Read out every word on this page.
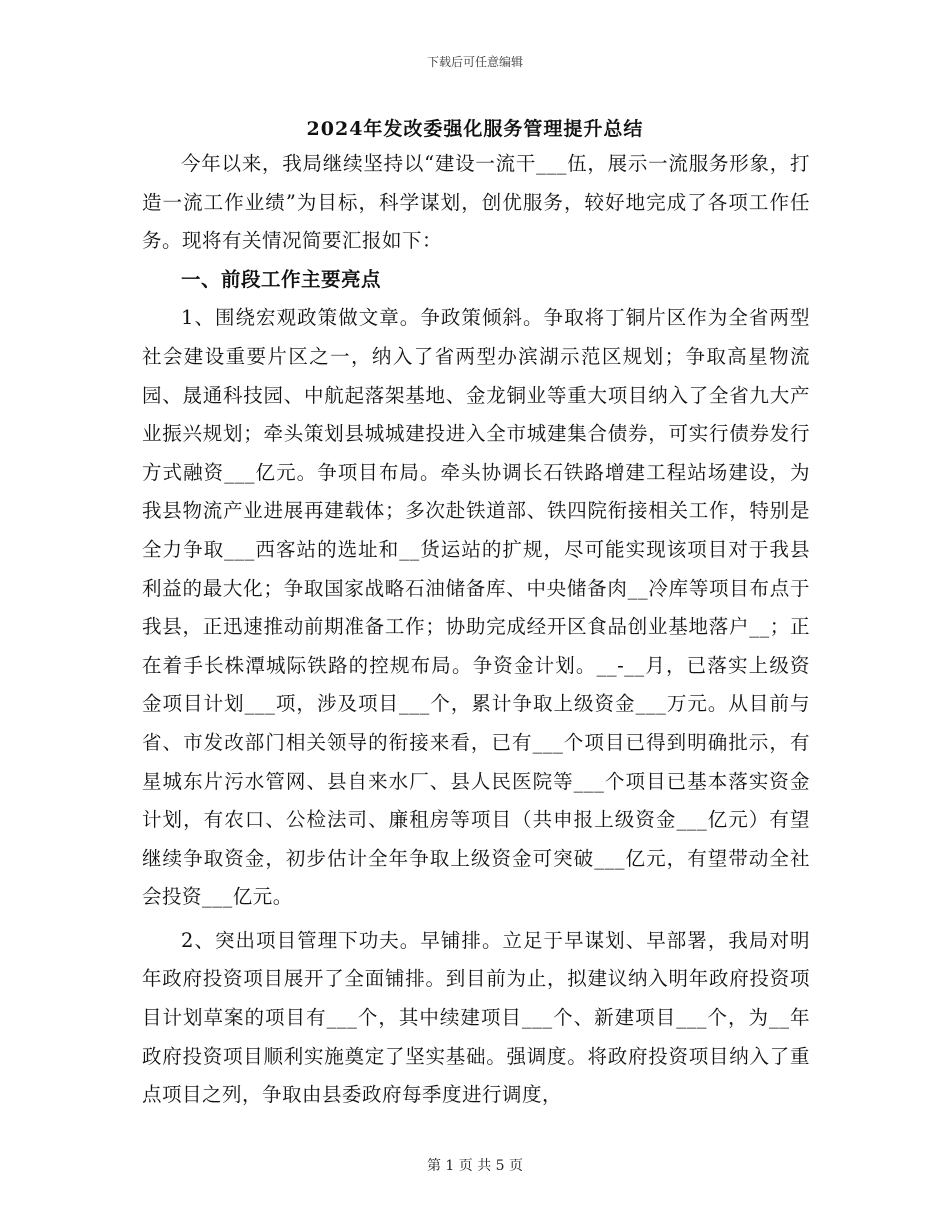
下载后可任意编辑
2024年发改委强化服务管理提升总结

今年以来，我局继续坚持以“建设一流干___伍，展示一流服务形象，打造一流工作业绩”为目标，科学谋划，创优服务，较好地完成了各项工作任务。现将有关情况简要汇报如下：

一、前段工作主要亮点

1、围绕宏观政策做文章。争政策倾斜。争取将丁铜片区作为全省两型社会建设重要片区之一，纳入了省两型办滨湖示范区规划；争取高星物流园、晟通科技园、中航起落架基地、金龙铜业等重大项目纳入了全省九大产业振兴规划；牵头策划县城城建投进入全市城建集合债券，可实行债券发行方式融资___亿元。争项目布局。牵头协调长石铁路增建工程站场建设，为我县物流产业进展再建载体；多次赴铁道部、铁四院衔接相关工作，特别是全力争取___西客站的选址和__货运站的扩规，尽可能实现该项目对于我县利益的最大化；争取国家战略石油储备库、中央储备肉__冷库等项目布点于我县，正迅速推动前期准备工作；协助完成经开区食品创业基地落户__；正在着手长株潭城际铁路的控规布局。争资金计划。__-__月，已落实上级资金项目计划___项，涉及项目___个，累计争取上级资金___万元。从目前与省、市发改部门相关领导的衔接来看，已有___个项目已得到明确批示，有星城东片污水管网、县自来水厂、县人民医院等___个项目已基本落实资金计划，有农口、公检法司、廉租房等项目（共申报上级资金___亿元）有望继续争取资金，初步估计全年争取上级资金可突破___亿元，有望带动全社会投资___亿元。

2、突出项目管理下功夫。早铺排。立足于早谋划、早部署，我局对明年政府投资项目展开了全面铺排。到目前为止，拟建议纳入明年政府投资项目计划草案的项目有___个，其中续建项目___个、新建项目___个，为__年政府投资项目顺利实施奠定了坚实基础。强调度。将政府投资项目纳入了重点项目之列，争取由县委政府每季度进行调度，

第 1 页 共 5 页
